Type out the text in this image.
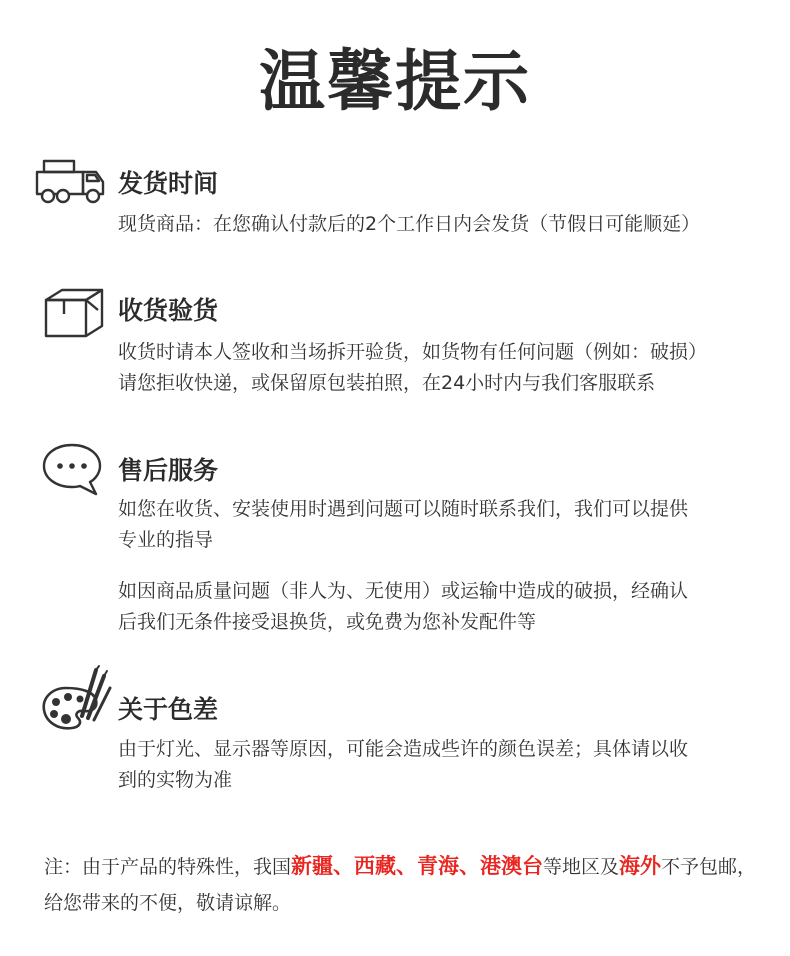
温馨提示
发货时间
现货商品：在您确认付款后的2个工作日内会发货（节假日可能顺延）
收货验货
收货时请本人签收和当场拆开验货，如货物有任何问题（例如：破损）
请您拒收快递，或保留原包装拍照，在24小时内与我们客服联系
售后服务
如您在收货、安装使用时遇到问题可以随时联系我们，我们可以提供
专业的指导
如因商品质量问题（非人为、无使用）或运输中造成的破损，经确认
后我们无条件接受退换货，或免费为您补发配件等
关于色差
由于灯光、显示器等原因，可能会造成些许的颜色误差；具体请以收
到的实物为准
注：由于产品的特殊性，我国新疆、西藏、青海、港澳台等地区及海外不予包邮，给您带来的不便，敬请谅解。
